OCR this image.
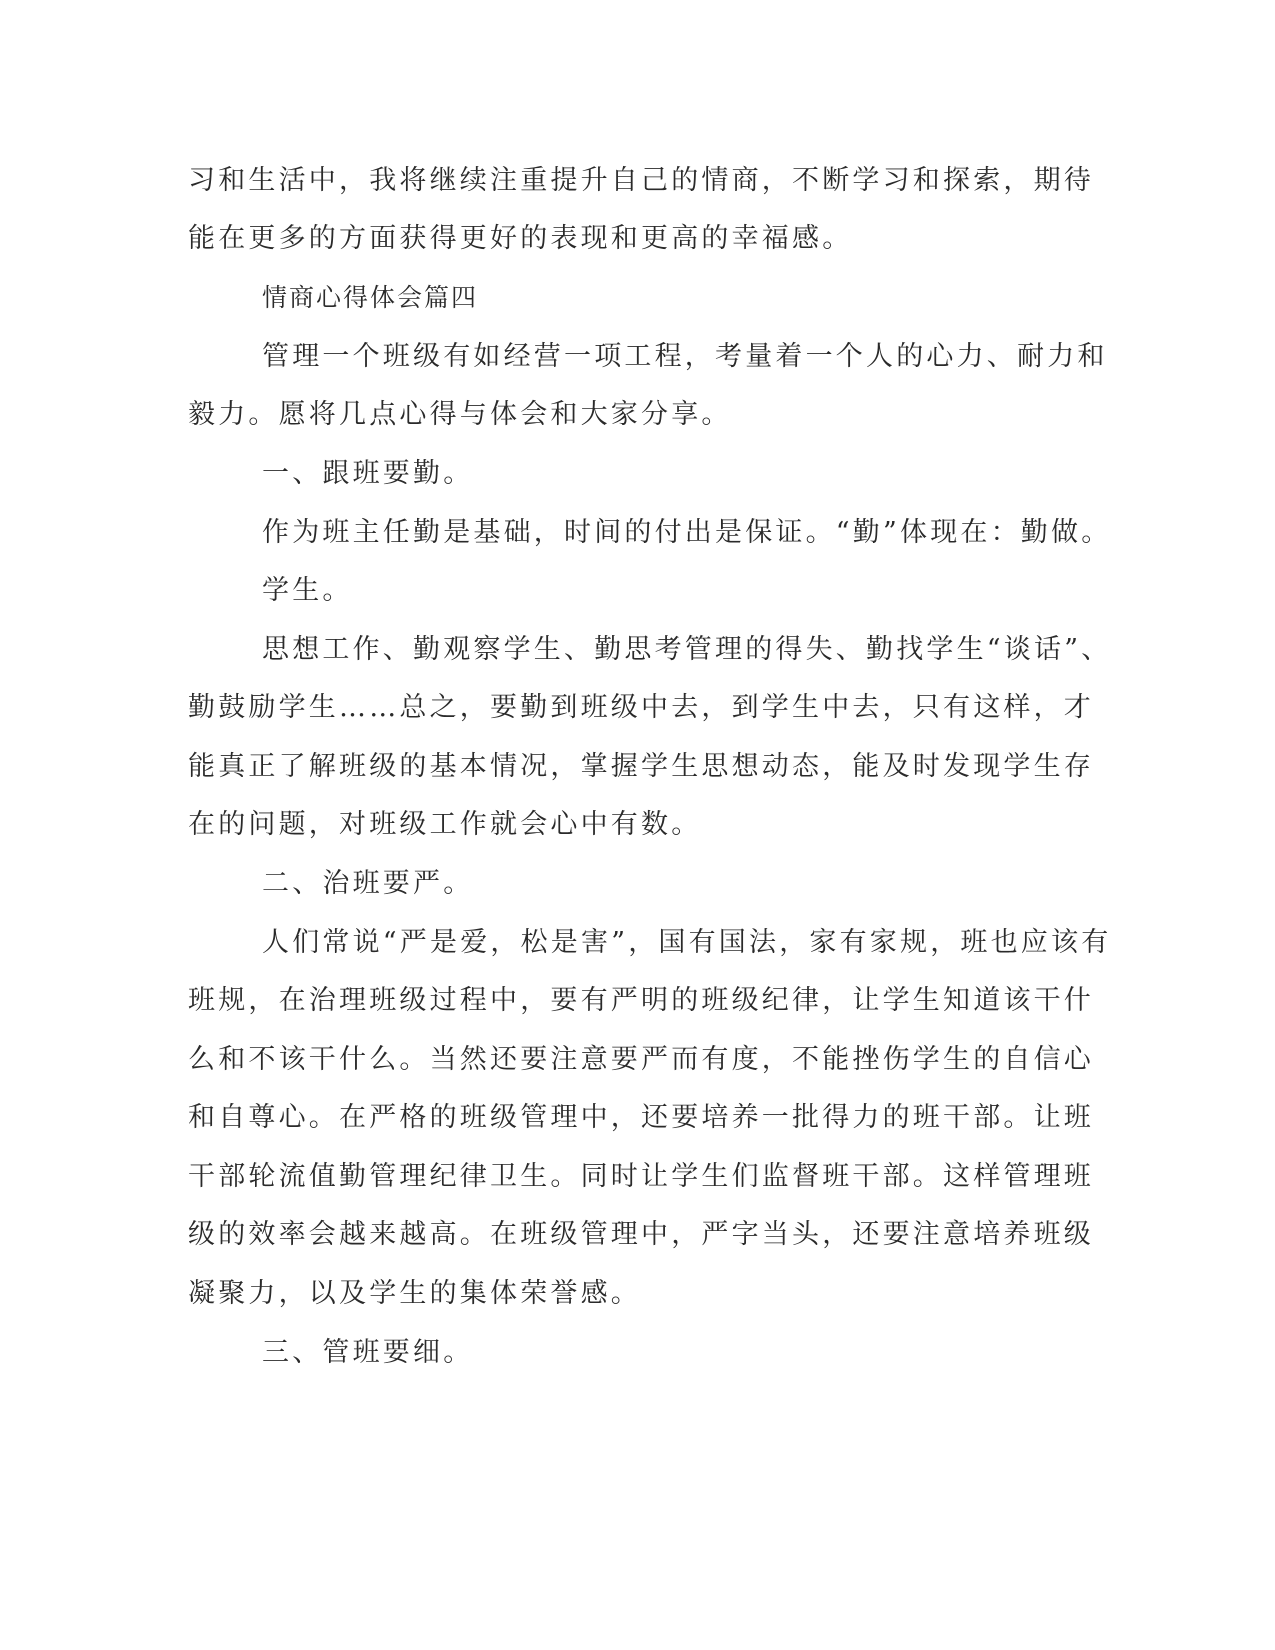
习和生活中，我将继续注重提升自己的情商，不断学习和探索，期待

能在更多的方面获得更好的表现和更高的幸福感。

情商心得体会篇四

管理一个班级有如经营一项工程，考量着一个人的心力、耐力和

毅力。愿将几点心得与体会和大家分享。

一、跟班要勤。

作为班主任勤是基础，时间的付出是保证。“勤”体现在：勤做。

学生。

思想工作、勤观察学生、勤思考管理的得失、勤找学生“谈话”、

勤鼓励学生……总之，要勤到班级中去，到学生中去，只有这样，才

能真正了解班级的基本情况，掌握学生思想动态，能及时发现学生存

在的问题，对班级工作就会心中有数。

二、治班要严。

人们常说“严是爱，松是害”，国有国法，家有家规，班也应该有

班规，在治理班级过程中，要有严明的班级纪律，让学生知道该干什

么和不该干什么。当然还要注意要严而有度，不能挫伤学生的自信心

和自尊心。在严格的班级管理中，还要培养一批得力的班干部。让班

干部轮流值勤管理纪律卫生。同时让学生们监督班干部。这样管理班

级的效率会越来越高。在班级管理中，严字当头，还要注意培养班级

凝聚力，以及学生的集体荣誉感。

三、管班要细。
